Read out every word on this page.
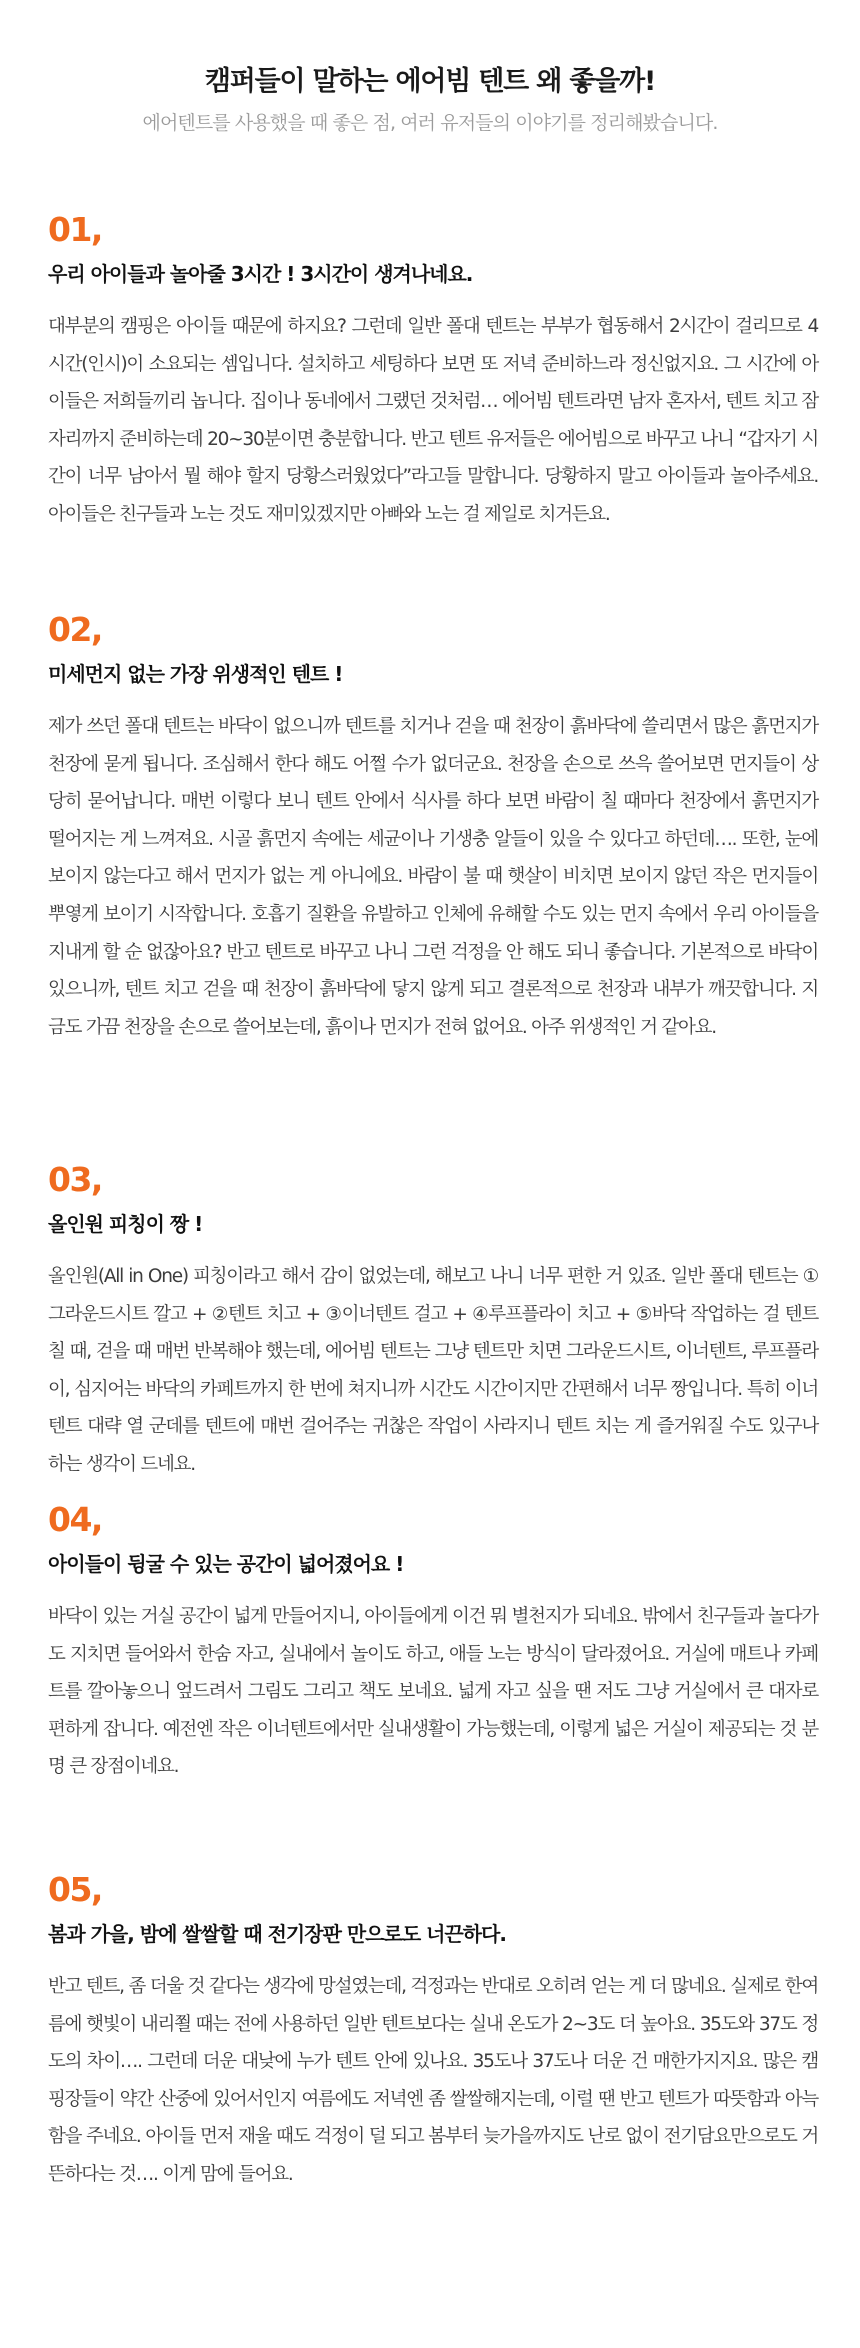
캠퍼들이 말하는 에어빔 텐트 왜 좋을까!
에어텐트를 사용했을 때 좋은 점, 여러 유저들의 이야기를 정리해봤습니다.
01,
우리 아이들과 놀아줄 3시간 ! 3시간이 생겨나네요.
대부분의 캠핑은 아이들 때문에 하지요? 그런데 일반 폴대 텐트는 부부가 협동해서 2시간이 걸리므로 4시간(인시)이 소요되는 셈입니다. 설치하고 세팅하다 보면 또 저녁 준비하느라 정신없지요. 그 시간에 아이들은 저희들끼리 놉니다. 집이나 동네에서 그랬던 것처럼… 에어빔 텐트라면 남자 혼자서, 텐트 치고 잠자리까지 준비하는데 20~30분이면 충분합니다. 반고 텐트 유저들은 에어빔으로 바꾸고 나니 “갑자기 시간이 너무 남아서 뭘 해야 할지 당황스러웠었다”라고들 말합니다. 당황하지 말고 아이들과 놀아주세요. 아이들은 친구들과 노는 것도 재미있겠지만 아빠와 노는 걸 제일로 치거든요.
02,
미세먼지 없는 가장 위생적인 텐트 !
제가 쓰던 폴대 텐트는 바닥이 없으니까 텐트를 치거나 걷을 때 천장이 흙바닥에 쓸리면서 많은 흙먼지가 천장에 묻게 됩니다. 조심해서 한다 해도 어쩔 수가 없더군요. 천장을 손으로 쓰윽 쓸어보면 먼지들이 상당히 묻어납니다. 매번 이렇다 보니 텐트 안에서 식사를 하다 보면 바람이 칠 때마다 천장에서 흙먼지가 떨어지는 게 느껴져요. 시골 흙먼지 속에는 세균이나 기생충 알들이 있을 수 있다고 하던데…. 또한, 눈에 보이지 않는다고 해서 먼지가 없는 게 아니에요. 바람이 불 때 햇살이 비치면 보이지 않던 작은 먼지들이 뿌옇게 보이기 시작합니다. 호흡기 질환을 유발하고 인체에 유해할 수도 있는 먼지 속에서 우리 아이들을 지내게 할 순 없잖아요? 반고 텐트로 바꾸고 나니 그런 걱정을 안 해도 되니 좋습니다. 기본적으로 바닥이 있으니까, 텐트 치고 걷을 때 천장이 흙바닥에 닿지 않게 되고 결론적으로 천장과 내부가 깨끗합니다. 지금도 가끔 천장을 손으로 쓸어보는데, 흙이나 먼지가 전혀 없어요. 아주 위생적인 거 같아요.
03,
올인원 피칭이 짱 !
올인원(All in One) 피칭이라고 해서 감이 없었는데, 해보고 나니 너무 편한 거 있죠. 일반 폴대 텐트는 ①그라운드시트 깔고 + ②텐트 치고 + ③이너텐트 걸고 + ④루프플라이 치고 + ⑤바닥 작업하는 걸 텐트 칠 때, 걷을 때 매번 반복해야 했는데, 에어빔 텐트는 그냥 텐트만 치면 그라운드시트, 이너텐트, 루프플라이, 심지어는 바닥의 카페트까지 한 번에 쳐지니까 시간도 시간이지만 간편해서 너무 짱입니다. 특히 이너텐트 대략 열 군데를 텐트에 매번 걸어주는 귀찮은 작업이 사라지니 텐트 치는 게 즐거워질 수도 있구나 하는 생각이 드네요.
04,
아이들이 뒹굴 수 있는 공간이 넓어졌어요 !
바닥이 있는 거실 공간이 넓게 만들어지니, 아이들에게 이건 뭐 별천지가 되네요. 밖에서 친구들과 놀다가도 지치면 들어와서 한숨 자고, 실내에서 놀이도 하고, 애들 노는 방식이 달라졌어요. 거실에 매트나 카페트를 깔아놓으니 엎드려서 그림도 그리고 책도 보네요. 넓게 자고 싶을 땐 저도 그냥 거실에서 큰 대자로 편하게 잡니다. 예전엔 작은 이너텐트에서만 실내생활이 가능했는데, 이렇게 넓은 거실이 제공되는 것 분명 큰 장점이네요.
05,
봄과 가을, 밤에 쌀쌀할 때 전기장판 만으로도 너끈하다.
반고 텐트, 좀 더울 것 같다는 생각에 망설였는데, 걱정과는 반대로 오히려 얻는 게 더 많네요. 실제로 한여름에 햇빛이 내리쬘 때는 전에 사용하던 일반 텐트보다는 실내 온도가 2~3도 더 높아요. 35도와 37도 정도의 차이…. 그런데 더운 대낮에 누가 텐트 안에 있나요. 35도나 37도나 더운 건 매한가지지요. 많은 캠핑장들이 약간 산중에 있어서인지 여름에도 저녁엔 좀 쌀쌀해지는데, 이럴 땐 반고 텐트가 따뜻함과 아늑함을 주네요. 아이들 먼저 재울 때도 걱정이 덜 되고 봄부터 늦가을까지도 난로 없이 전기담요만으로도 거뜬하다는 것…. 이게 맘에 들어요.
